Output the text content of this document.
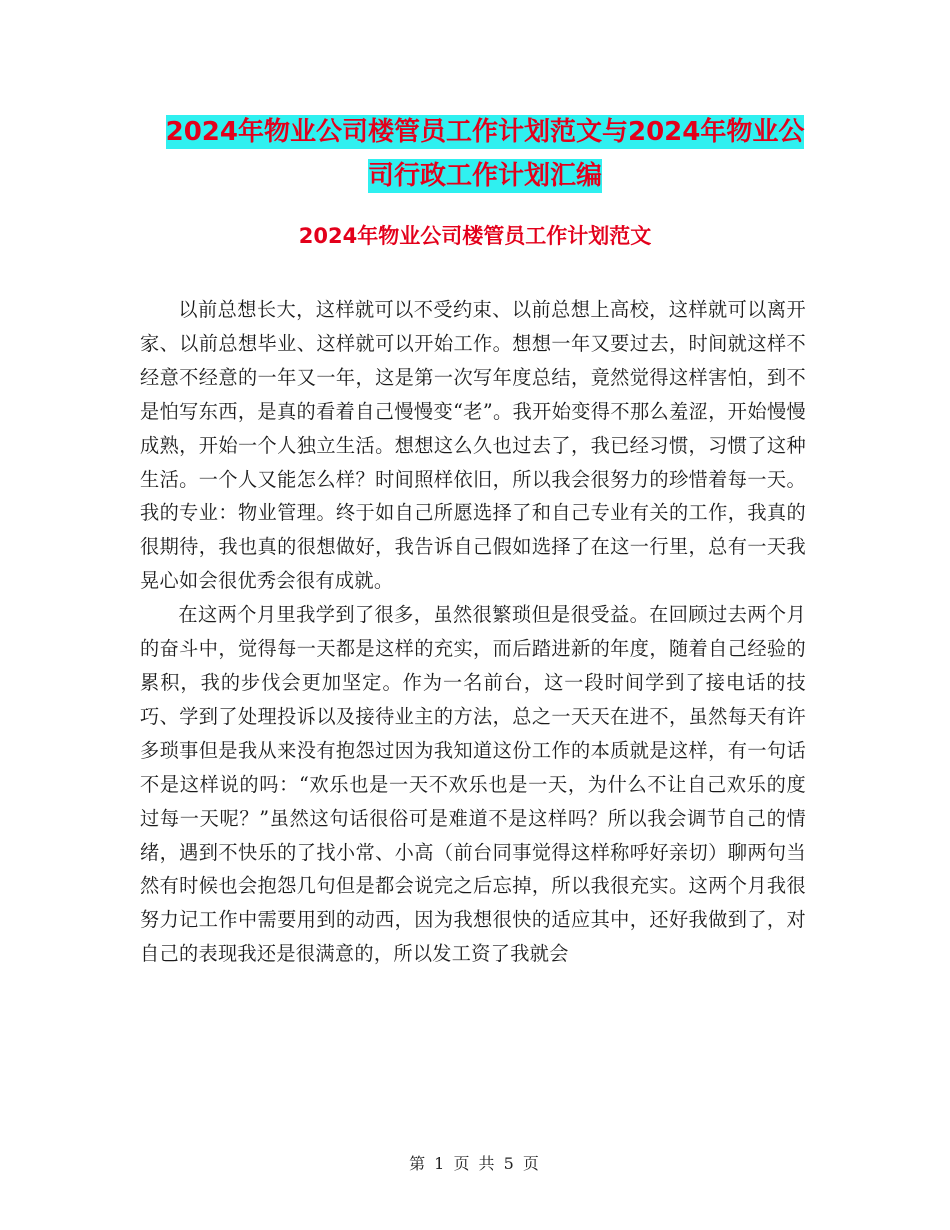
2024年物业公司楼管员工作计划范文与2024年物业公
司行政工作计划汇编
2024年物业公司楼管员工作计划范文

以前总想长大，这样就可以不受约束、以前总想上高校，这样就可以离开家、以前总想毕业、这样就可以开始工作。想想一年又要过去，时间就这样不经意不经意的一年又一年，这是第一次写年度总结，竟然觉得这样害怕，到不是怕写东西，是真的看着自己慢慢变“老”。我开始变得不那么羞涩，开始慢慢成熟，开始一个人独立生活。想想这么久也过去了，我已经习惯，习惯了这种生活。一个人又能怎么样？时间照样依旧，所以我会很努力的珍惜着每一天。我的专业：物业管理。终于如自己所愿选择了和自己专业有关的工作，我真的很期待，我也真的很想做好，我告诉自己假如选择了在这一行里，总有一天我晃心如会很优秀会很有成就。

在这两个月里我学到了很多，虽然很繁琐但是很受益。在回顾过去两个月的奋斗中，觉得每一天都是这样的充实，而后踏进新的年度，随着自己经验的累积，我的步伐会更加坚定。作为一名前台，这一段时间学到了接电话的技巧、学到了处理投诉以及接待业主的方法，总之一天天在进不，虽然每天有许多琐事但是我从来没有抱怨过因为我知道这份工作的本质就是这样，有一句话不是这样说的吗：“欢乐也是一天不欢乐也是一天，为什么不让自己欢乐的度过每一天呢？”虽然这句话很俗可是难道不是这样吗？所以我会调节自己的情绪，遇到不快乐的了找小常、小高（前台同事觉得这样称呼好亲切）聊两句当然有时候也会抱怨几句但是都会说完之后忘掉，所以我很充实。这两个月我很努力记工作中需要用到的动西，因为我想很快的适应其中，还好我做到了，对自己的表现我还是很满意的，所以发工资了我就会

第 1 页 共 5 页
